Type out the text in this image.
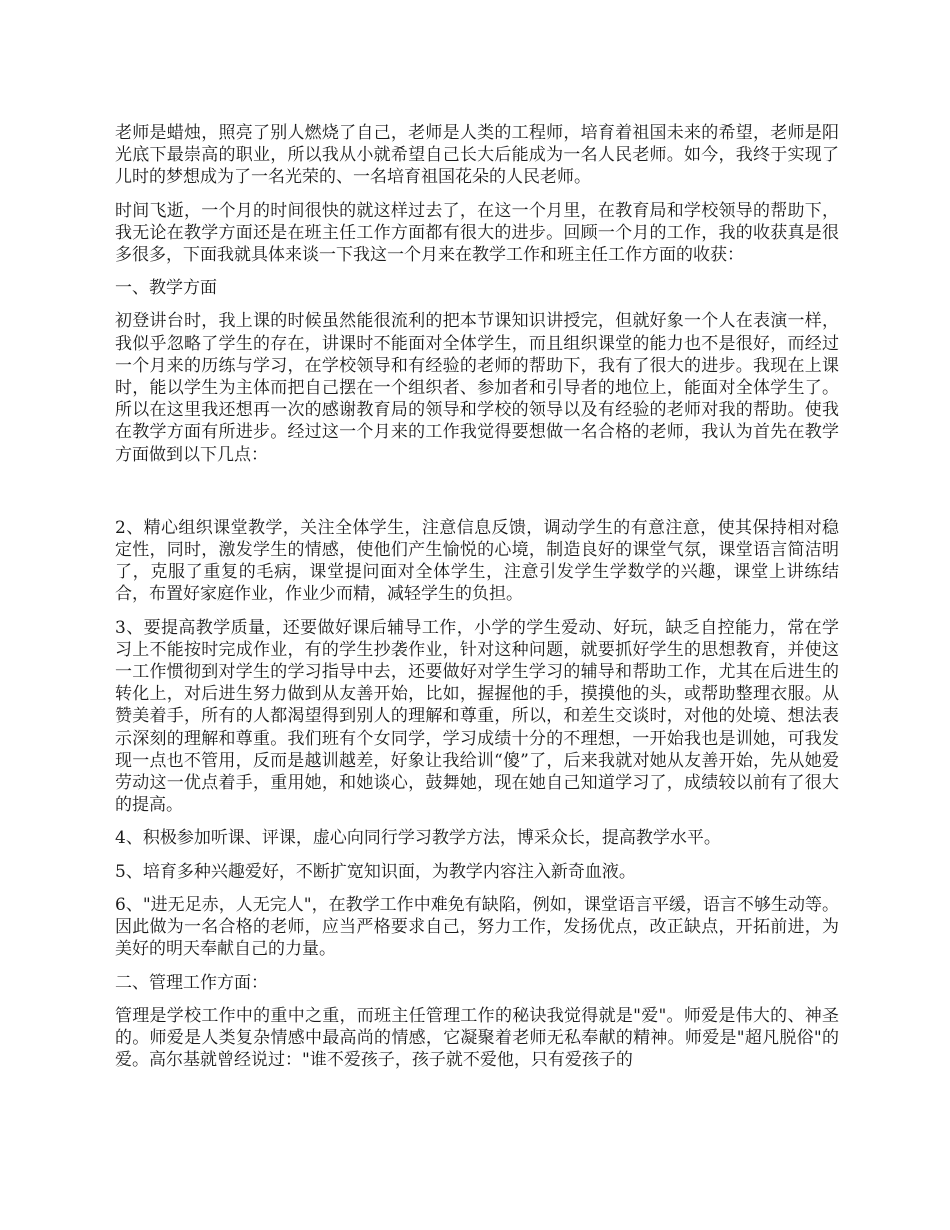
老师是蜡烛，照亮了别人燃烧了自己，老师是人类的工程师，培育着祖国未来的希望，老师是阳光底下最崇高的职业，所以我从小就希望自己长大后能成为一名人民老师。如今，我终于实现了儿时的梦想成为了一名光荣的、一名培育祖国花朵的人民老师。

时间飞逝，一个月的时间很快的就这样过去了，在这一个月里，在教育局和学校领导的帮助下，我无论在教学方面还是在班主任工作方面都有很大的进步。回顾一个月的工作，我的收获真是很多很多，下面我就具体来谈一下我这一个月来在教学工作和班主任工作方面的收获：

一、教学方面

初登讲台时，我上课的时候虽然能很流利的把本节课知识讲授完，但就好象一个人在表演一样，我似乎忽略了学生的存在，讲课时不能面对全体学生，而且组织课堂的能力也不是很好，而经过一个月来的历练与学习，在学校领导和有经验的老师的帮助下，我有了很大的进步。我现在上课时，能以学生为主体而把自己摆在一个组织者、参加者和引导者的地位上，能面对全体学生了。所以在这里我还想再一次的感谢教育局的领导和学校的领导以及有经验的老师对我的帮助。使我在教学方面有所进步。经过这一个月来的工作我觉得要想做一名合格的老师，我认为首先在教学方面做到以下几点：

2、精心组织课堂教学，关注全体学生，注意信息反馈，调动学生的有意注意，使其保持相对稳定性，同时，激发学生的情感，使他们产生愉悦的心境，制造良好的课堂气氛，课堂语言简洁明了，克服了重复的毛病，课堂提问面对全体学生，注意引发学生学数学的兴趣，课堂上讲练结合，布置好家庭作业，作业少而精，减轻学生的负担。

3、要提高教学质量，还要做好课后辅导工作，小学的学生爱动、好玩，缺乏自控能力，常在学习上不能按时完成作业，有的学生抄袭作业，针对这种问题，就要抓好学生的思想教育，并使这一工作惯彻到对学生的学习指导中去，还要做好对学生学习的辅导和帮助工作，尤其在后进生的转化上，对后进生努力做到从友善开始，比如，握握他的手，摸摸他的头，或帮助整理衣服。从赞美着手，所有的人都渴望得到别人的理解和尊重，所以，和差生交谈时，对他的处境、想法表示深刻的理解和尊重。我们班有个女同学，学习成绩十分的不理想，一开始我也是训她，可我发现一点也不管用，反而是越训越差，好象让我给训“傻”了，后来我就对她从友善开始，先从她爱劳动这一优点着手，重用她，和她谈心，鼓舞她，现在她自己知道学习了，成绩较以前有了很大的提高。

4、积极参加听课、评课，虚心向同行学习教学方法，博采众长，提高教学水平。

5、培育多种兴趣爱好，不断扩宽知识面，为教学内容注入新奇血液。

6、"进无足赤，人无完人"，在教学工作中难免有缺陷，例如，课堂语言平缓，语言不够生动等。因此做为一名合格的老师，应当严格要求自己，努力工作，发扬优点，改正缺点，开拓前进，为美好的明天奉献自己的力量。

二、管理工作方面：

管理是学校工作中的重中之重，而班主任管理工作的秘诀我觉得就是"爱"。师爱是伟大的、神圣的。师爱是人类复杂情感中最高尚的情感，它凝聚着老师无私奉献的精神。师爱是"超凡脱俗"的爱。高尔基就曾经说过："谁不爱孩子，孩子就不爱他，只有爱孩子的
